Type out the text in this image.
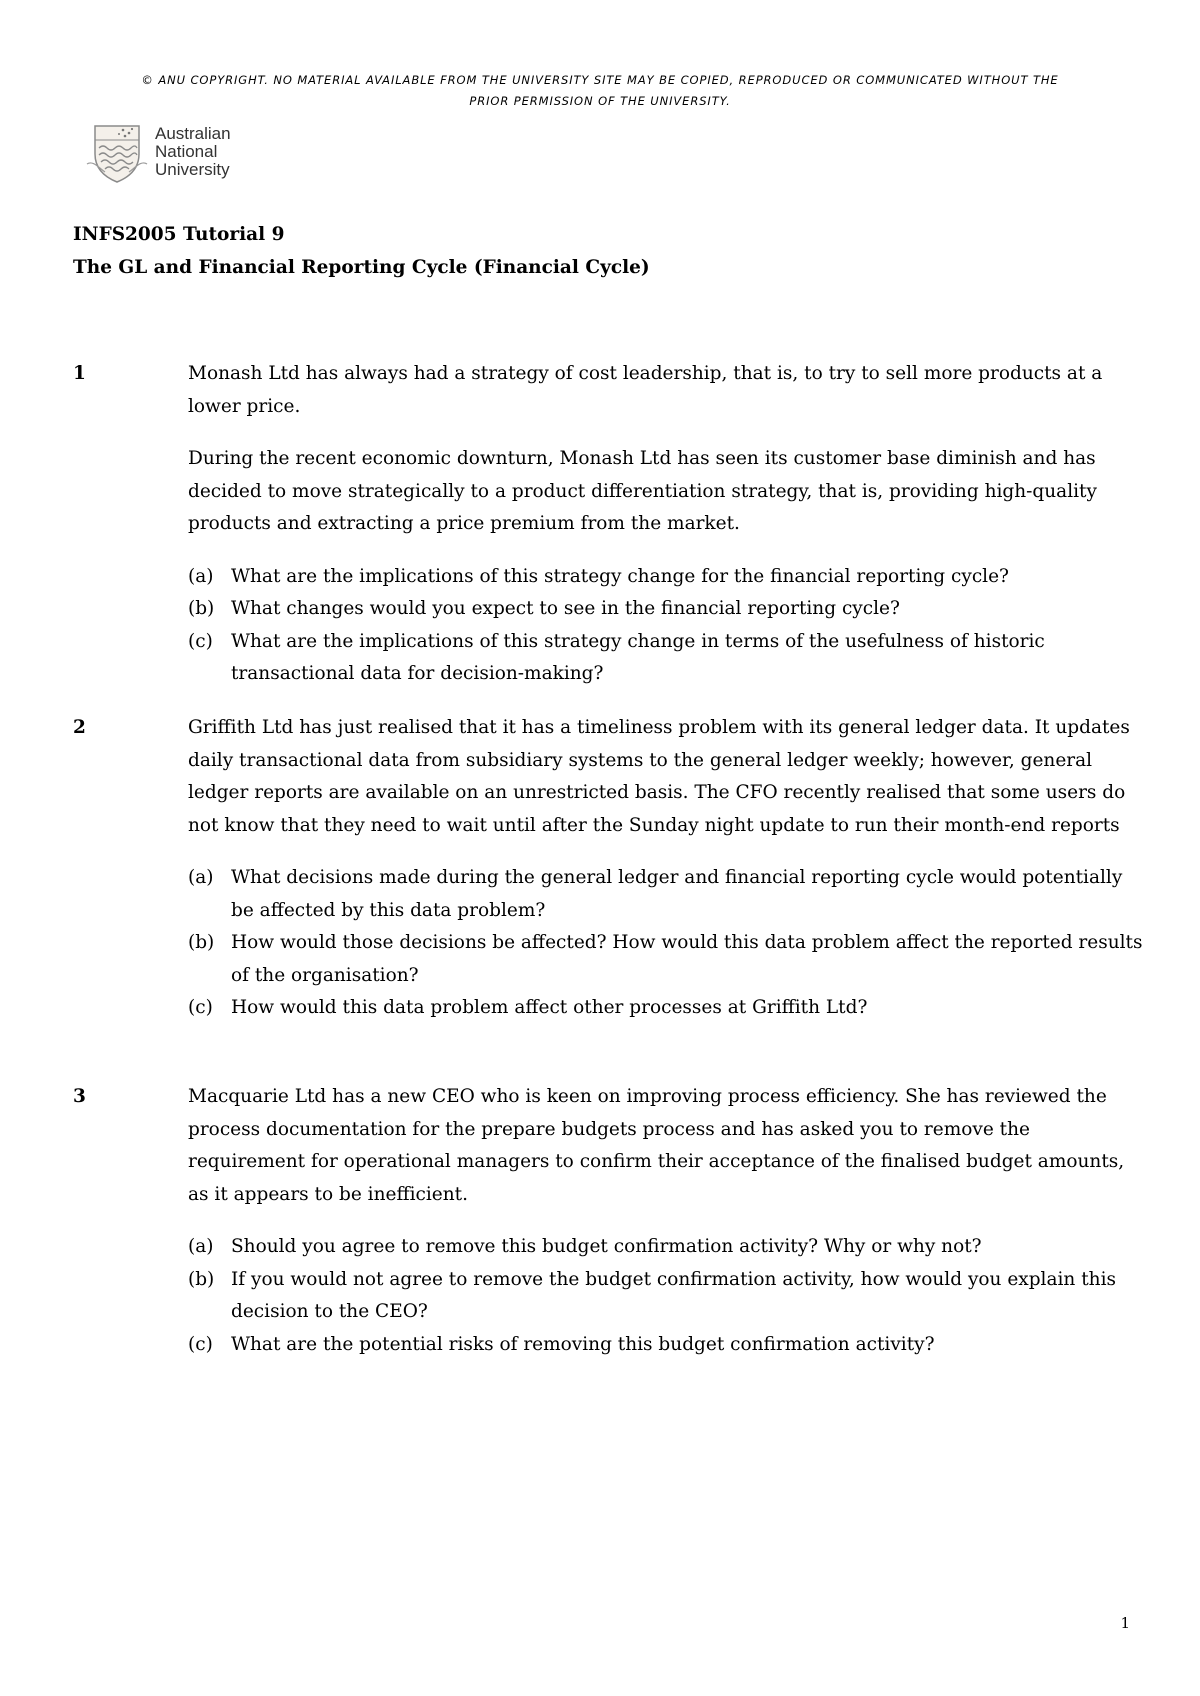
© ANU COPYRIGHT. NO MATERIAL AVAILABLE FROM THE UNIVERSITY SITE MAY BE COPIED, REPRODUCED OR COMMUNICATED WITHOUT THE
PRIOR PERMISSION OF THE UNIVERSITY.
Australian
National
University
INFS2005 Tutorial 9
The GL and Financial Reporting Cycle (Financial Cycle)
1	Monash Ltd has always had a strategy of cost leadership, that is, to try to sell more products at a lower price.

During the recent economic downturn, Monash Ltd has seen its customer base diminish and has decided to move strategically to a product differentiation strategy, that is, providing high-quality products and extracting a price premium from the market.

(a) What are the implications of this strategy change for the financial reporting cycle?
(b) What changes would you expect to see in the financial reporting cycle?
(c) What are the implications of this strategy change in terms of the usefulness of historic transactional data for decision-making?
2	Griffith Ltd has just realised that it has a timeliness problem with its general ledger data. It updates daily transactional data from subsidiary systems to the general ledger weekly; however, general ledger reports are available on an unrestricted basis. The CFO recently realised that some users do not know that they need to wait until after the Sunday night update to run their month-end reports

(a) What decisions made during the general ledger and financial reporting cycle would potentially be affected by this data problem?
(b) How would those decisions be affected? How would this data problem affect the reported results of the organisation?
(c) How would this data problem affect other processes at Griffith Ltd?
3	Macquarie Ltd has a new CEO who is keen on improving process efficiency. She has reviewed the process documentation for the prepare budgets process and has asked you to remove the requirement for operational managers to confirm their acceptance of the finalised budget amounts, as it appears to be inefficient.

(a) Should you agree to remove this budget confirmation activity? Why or why not?
(b) If you would not agree to remove the budget confirmation activity, how would you explain this decision to the CEO?
(c) What are the potential risks of removing this budget confirmation activity?
1
